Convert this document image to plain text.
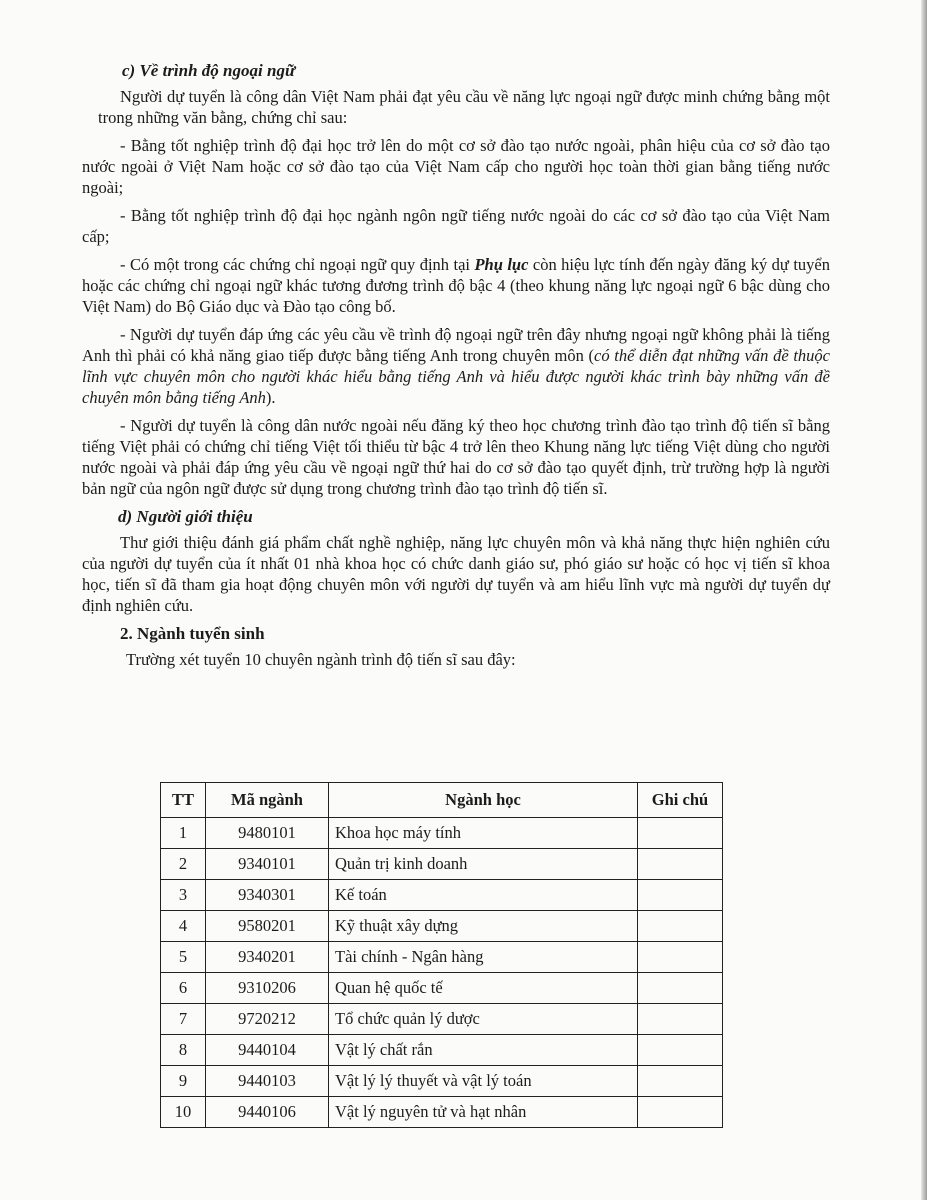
c) Về trình độ ngoại ngữ

Người dự tuyển là công dân Việt Nam phải đạt yêu cầu về năng lực ngoại ngữ được minh chứng bằng một trong những văn bằng, chứng chỉ sau:

- Bằng tốt nghiệp trình độ đại học trở lên do một cơ sở đào tạo nước ngoài, phân hiệu của cơ sở đào tạo nước ngoài ở Việt Nam hoặc cơ sở đào tạo của Việt Nam cấp cho người học toàn thời gian bằng tiếng nước ngoài;

- Bằng tốt nghiệp trình độ đại học ngành ngôn ngữ tiếng nước ngoài do các cơ sở đào tạo của Việt Nam cấp;

- Có một trong các chứng chỉ ngoại ngữ quy định tại Phụ lục còn hiệu lực tính đến ngày đăng ký dự tuyển hoặc các chứng chỉ ngoại ngữ khác tương đương trình độ bậc 4 (theo khung năng lực ngoại ngữ 6 bậc dùng cho Việt Nam) do Bộ Giáo dục và Đào tạo công bố.

- Người dự tuyển đáp ứng các yêu cầu về trình độ ngoại ngữ trên đây nhưng ngoại ngữ không phải là tiếng Anh thì phải có khả năng giao tiếp được bằng tiếng Anh trong chuyên môn (có thể diễn đạt những vấn đề thuộc lĩnh vực chuyên môn cho người khác hiểu bằng tiếng Anh và hiểu được người khác trình bày những vấn đề chuyên môn bằng tiếng Anh).

- Người dự tuyển là công dân nước ngoài nếu đăng ký theo học chương trình đào tạo trình độ tiến sĩ bằng tiếng Việt phải có chứng chỉ tiếng Việt tối thiểu từ bậc 4 trở lên theo Khung năng lực tiếng Việt dùng cho người nước ngoài và phải đáp ứng yêu cầu về ngoại ngữ thứ hai do cơ sở đào tạo quyết định, trừ trường hợp là người bản ngữ của ngôn ngữ được sử dụng trong chương trình đào tạo trình độ tiến sĩ.

d) Người giới thiệu

Thư giới thiệu đánh giá phẩm chất nghề nghiệp, năng lực chuyên môn và khả năng thực hiện nghiên cứu của người dự tuyển của ít nhất 01 nhà khoa học có chức danh giáo sư, phó giáo sư hoặc có học vị tiến sĩ khoa học, tiến sĩ đã tham gia hoạt động chuyên môn với người dự tuyển và am hiểu lĩnh vực mà người dự tuyển dự định nghiên cứu.

2. Ngành tuyển sinh

Trường xét tuyển 10 chuyên ngành trình độ tiến sĩ sau đây:

TT	Mã ngành	Ngành học	Ghi chú
1	9480101	Khoa học máy tính	
2	9340101	Quản trị kinh doanh	
3	9340301	Kế toán	
4	9580201	Kỹ thuật xây dựng	
5	9340201	Tài chính - Ngân hàng	
6	9310206	Quan hệ quốc tế	
7	9720212	Tổ chức quản lý dược	
8	9440104	Vật lý chất rắn	
9	9440103	Vật lý lý thuyết và vật lý toán	
10	9440106	Vật lý nguyên tử và hạt nhân	
